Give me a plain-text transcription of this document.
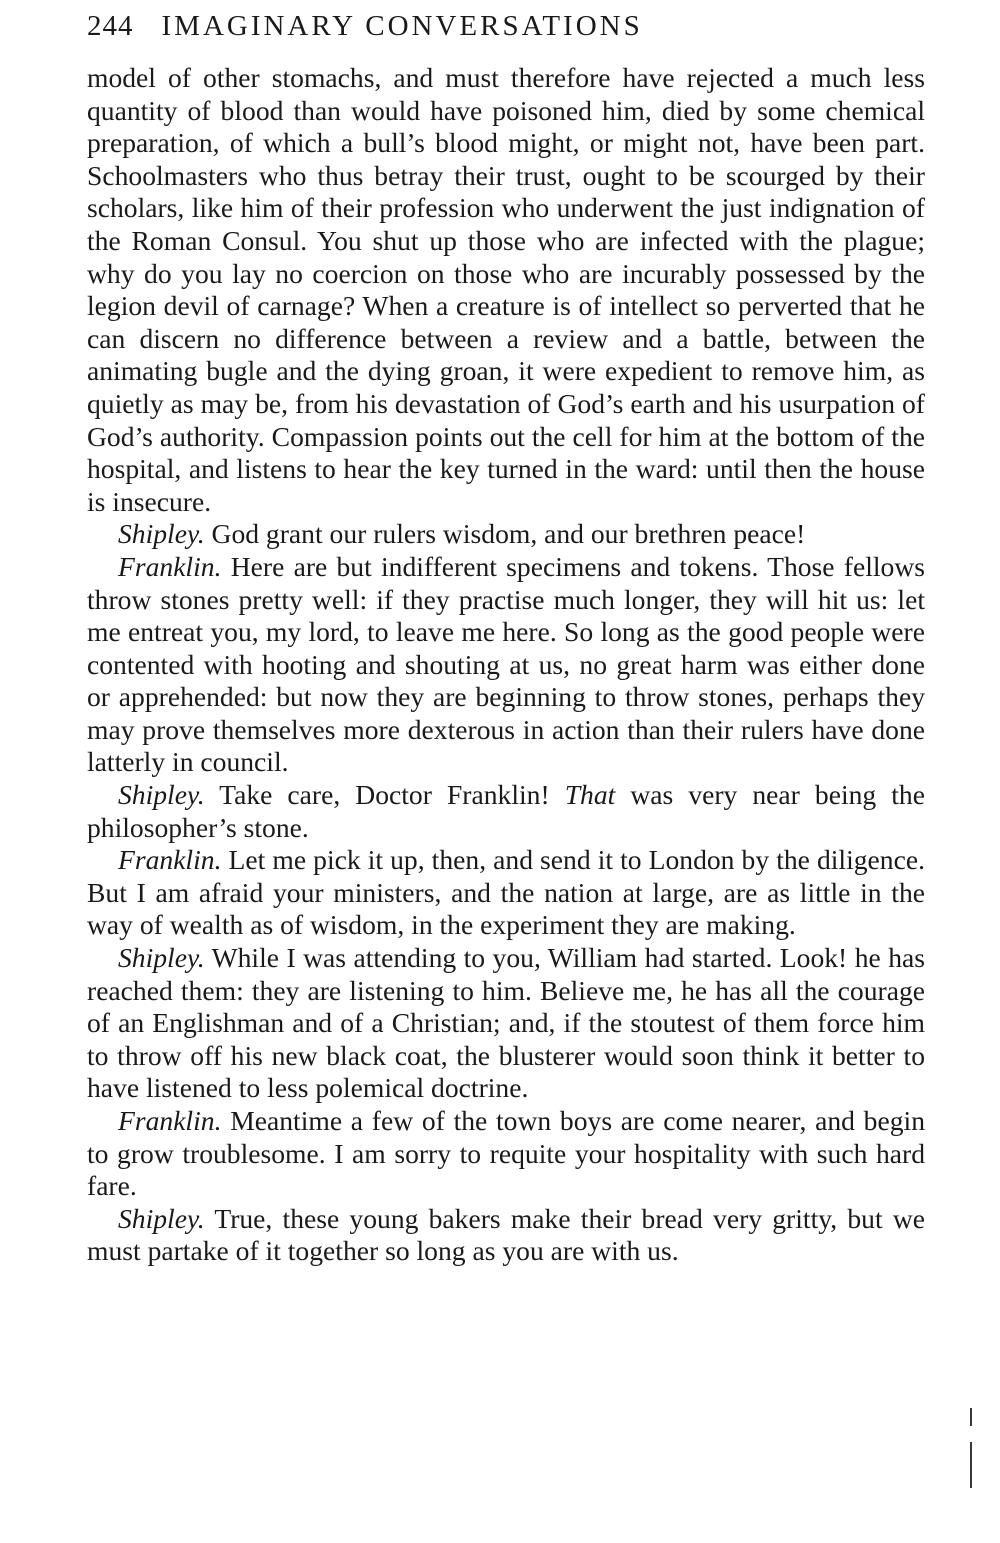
244 IMAGINARY CONVERSATIONS

model of other stomachs, and must therefore have rejected a much less quantity of blood than would have poisoned him, died by some chemical preparation, of which a bull’s blood might, or might not, have been part. Schoolmasters who thus betray their trust, ought to be scourged by their scholars, like him of their profession who underwent the just indignation of the Roman Consul. You shut up those who are infected with the plague; why do you lay no coercion on those who are incurably possessed by the legion devil of carnage? When a creature is of intellect so perverted that he can discern no difference between a review and a battle, between the animating bugle and the dying groan, it were expedient to remove him, as quietly as may be, from his devastation of God’s earth and his usurpation of God’s authority. Compassion points out the cell for him at the bottom of the hospital, and listens to hear the key turned in the ward: until then the house is insecure.

Shipley. God grant our rulers wisdom, and our brethren peace!

Franklin. Here are but indifferent specimens and tokens. Those fellows throw stones pretty well: if they practise much longer, they will hit us: let me entreat you, my lord, to leave me here. So long as the good people were contented with hooting and shouting at us, no great harm was either done or apprehended: but now they are beginning to throw stones, perhaps they may prove themselves more dexterous in action than their rulers have done latterly in council.

Shipley. Take care, Doctor Franklin! That was very near being the philosopher’s stone.

Franklin. Let me pick it up, then, and send it to London by the diligence. But I am afraid your ministers, and the nation at large, are as little in the way of wealth as of wisdom, in the experiment they are making.

Shipley. While I was attending to you, William had started. Look! he has reached them: they are listening to him. Believe me, he has all the courage of an Englishman and of a Christian; and, if the stoutest of them force him to throw off his new black coat, the blusterer would soon think it better to have listened to less polemical doctrine.

Franklin. Meantime a few of the town boys are come nearer, and begin to grow troublesome. I am sorry to requite your hospitality with such hard fare.

Shipley. True, these young bakers make their bread very gritty, but we must partake of it together so long as you are with us.
